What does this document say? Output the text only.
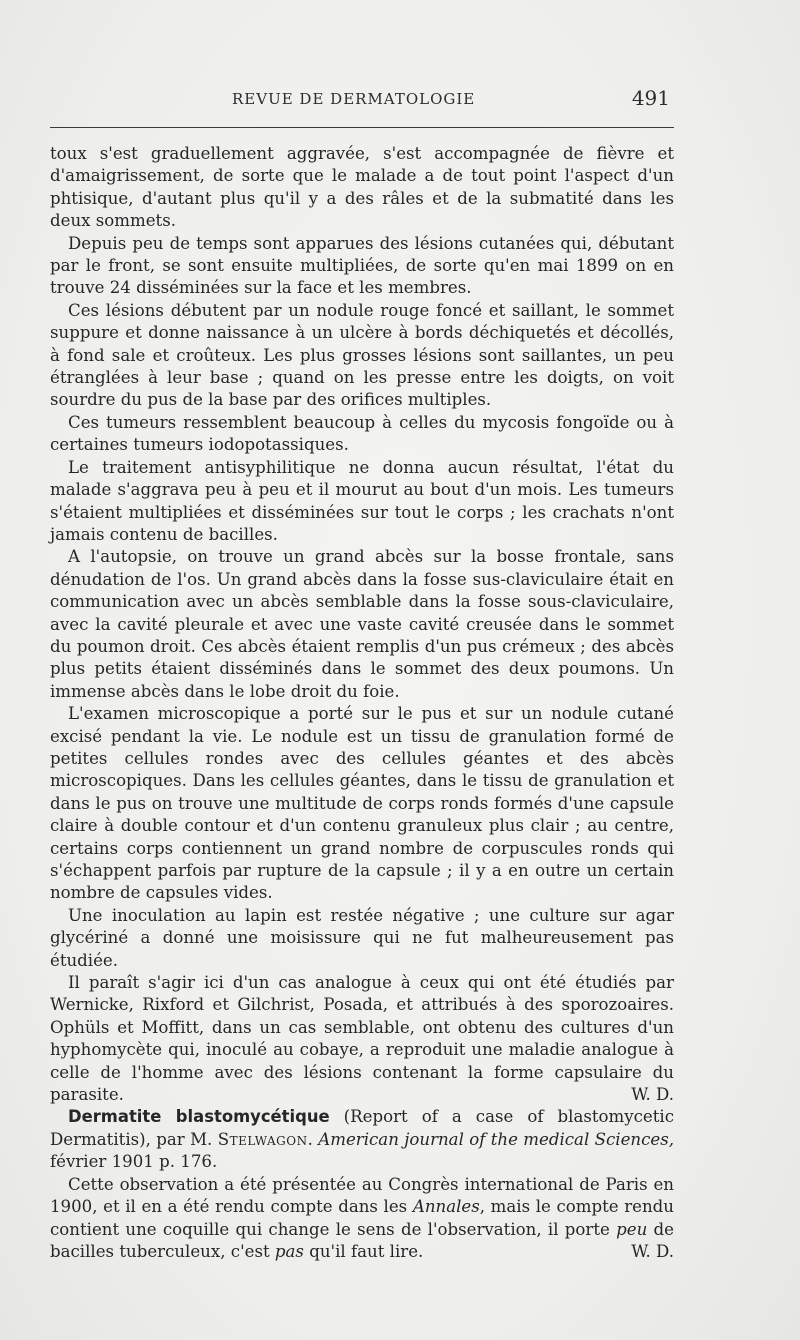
REVUE DE DERMATOLOGIE	491

toux s'est graduellement aggravée, s'est accompagnée de fièvre et d'amaigrissement, de sorte que le malade a de tout point l'aspect d'un phtisique, d'autant plus qu'il y a des râles et de la submatité dans les deux sommets.

Depuis peu de temps sont apparues des lésions cutanées qui, débutant par le front, se sont ensuite multipliées, de sorte qu'en mai 1899 on en trouve 24 disséminées sur la face et les membres.

Ces lésions débutent par un nodule rouge foncé et saillant, le sommet suppure et donne naissance à un ulcère à bords déchiquetés et décollés, à fond sale et croûteux. Les plus grosses lésions sont saillantes, un peu étranglées à leur base ; quand on les presse entre les doigts, on voit sourdre du pus de la base par des orifices multiples.

Ces tumeurs ressemblent beaucoup à celles du mycosis fongoïde ou à certaines tumeurs iodopotassiques.

Le traitement antisyphilitique ne donna aucun résultat, l'état du malade s'aggrava peu à peu et il mourut au bout d'un mois. Les tumeurs s'étaient multipliées et disséminées sur tout le corps ; les crachats n'ont jamais contenu de bacilles.

A l'autopsie, on trouve un grand abcès sur la bosse frontale, sans dénudation de l'os. Un grand abcès dans la fosse sus-claviculaire était en communication avec un abcès semblable dans la fosse sous-claviculaire, avec la cavité pleurale et avec une vaste cavité creusée dans le sommet du poumon droit. Ces abcès étaient remplis d'un pus crémeux ; des abcès plus petits étaient disséminés dans le sommet des deux poumons. Un immense abcès dans le lobe droit du foie.

L'examen microscopique a porté sur le pus et sur un nodule cutané excisé pendant la vie. Le nodule est un tissu de granulation formé de petites cellules rondes avec des cellules géantes et des abcès microscopiques. Dans les cellules géantes, dans le tissu de granulation et dans le pus on trouve une multitude de corps ronds formés d'une capsule claire à double contour et d'un contenu granuleux plus clair ; au centre, certains corps contiennent un grand nombre de corpuscules ronds qui s'échappent parfois par rupture de la capsule ; il y a en outre un certain nombre de capsules vides.

Une inoculation au lapin est restée négative ; une culture sur agar glycériné a donné une moisissure qui ne fut malheureusement pas étudiée.

Il paraît s'agir ici d'un cas analogue à ceux qui ont été étudiés par Wernicke, Rixford et Gilchrist, Posada, et attribués à des sporozoaires. Ophüls et Moffitt, dans un cas semblable, ont obtenu des cultures d'un hyphomycète qui, inoculé au cobaye, a reproduit une maladie analogue à celle de l'homme avec des lésions contenant la forme capsulaire du parasite.	W. D.

Dermatite blastomycétique (Report of a case of blastomycetic Dermatitis), par M. Stelwagon. American journal of the medical Sciences, février 1901 p. 176.

Cette observation a été présentée au Congrès international de Paris en 1900, et il en a été rendu compte dans les Annales, mais le compte rendu contient une coquille qui change le sens de l'observation, il porte peu de bacilles tuberculeux, c'est pas qu'il faut lire.	W. D.
